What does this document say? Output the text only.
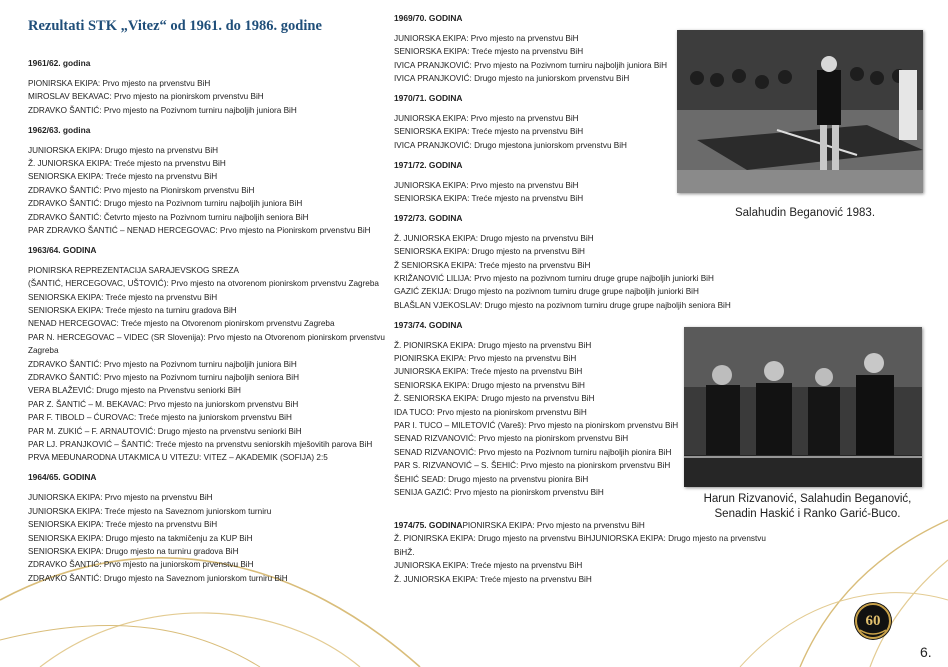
Rezultati STK „Vitez“ od 1961. do 1986. godine
1961/62. godina
PIONIRSKA EKIPA: Prvo mjesto na prvenstvu BiH
MIROSLAV BEKAVAC: Prvo mjesto na pionirskom prvenstvu BiH
ZDRAVKO ŠANTIĆ: Prvo mjesto na Pozivnom turniru najboljih juniora BiH
1962/63. godina
JUNIORSKA EKIPA: Drugo mjesto na prvenstvu BiH
Ž. JUNIORSKA EKIPA: Treće mjesto na prvenstvu BiH
SENIORSKA EKIPA: Treće mjesto na prvenstvu BiH
ZDRAVKO ŠANTIĆ: Prvo mjesto na Pionirskom prvenstvu BiH
ZDRAVKO ŠANTIĆ: Drugo mjesto na Pozivnom turniru najboljih juniora BiH
ZDRAVKO ŠANTIĆ: Četvrto mjesto na Pozivnom turniru najboljih seniora BiH
PAR ZDRAVKO ŠANTIĆ – NENAD HERCEGOVAC: Prvo mjesto na Pionirskom prvenstvu BiH
1963/64. GODINA
PIONIRSKA REPREZENTACIJA SARAJEVSKOG SREZA
(ŠANTIĆ, HERCEGOVAC, UŠTOVIĆ): Prvo mjesto na otvorenom pionirskom prvenstvu Zagreba
SENIORSKA EKIPA: Treće mjesto na prvenstvu BiH
SENIORSKA EKIPA: Treće mjesto na turniru gradova BiH
NENAD HERCEGOVAC: Treće mjesto na Otvorenom pionirskom prvenstvu Zagreba
PAR N. HERCEGOVAC – VIDEC (SR Slovenija): Prvo mjesto na Otvorenom pionirskom prvenstvu Zagreba
ZDRAVKO ŠANTIĆ: Prvo mjesto na Pozivnom turniru najboljih juniora BiH
ZDRAVKO ŠANTIĆ: Prvo mjesto na Pozivnom turniru najboljih seniora BiH
VERA BLAŽEVIĆ: Drugo mjesto na Prvenstvu seniorki BiH
PAR Z. ŠANTIĆ – M. BEKAVAC: Prvo mjesto na juniorskom prvenstvu BiH
PAR F. TIBOLD – ĆUROVAC: Treće mjesto na juniorskom prvenstvu BiH
PAR M. ZUKIĆ – F. ARNAUTOVIĆ: Drugo mjesto na prvenstvu seniorki BiH
PAR LJ. PRANJKOVIĆ – ŠANTIĆ: Treće mjesto na prvenstvu seniorskih mješovitih parova BiH
PRVA MEĐUNARODNA UTAKMICA U VITEZU: VITEZ – AKADEMIK (SOFIJA) 2:5
1964/65. GODINA
JUNIORSKA EKIPA: Prvo mjesto na prvenstvu BiH
JUNIORSKA EKIPA: Treće mjesto na Saveznom juniorskom turniru
SENIORSKA EKIPA: Treće mjesto na prvenstvu BiH
SENIORSKA EKIPA: Drugo mjesto na takmičenju za KUP BiH
SENIORSKA EKIPA: Drugo mjesto na turniru gradova BiH
ZDRAVKO ŠANTIĆ: Prvo mjesto na juniorskom prvenstvu BiH
ZDRAVKO ŠANTIĆ: Drugo mjesto na Saveznom juniorskom turniru BiH
1969/70. GODINA
JUNIORSKA EKIPA: Prvo mjesto na prvenstvu BiH
SENIORSKA EKIPA: Treće mjesto na prvenstvu BiH
IVICA PRANJKOVIĆ: Prvo mjesto na Pozivnom turniru najboljih juniora BiH
IVICA PRANJKOVIĆ: Drugo mjesto na juniorskom prvenstvu BiH
1970/71. GODINA
JUNIORSKA EKIPA: Prvo mjesto na prvenstvu BiH
SENIORSKA EKIPA: Treće mjesto na prvenstvu BiH
IVICA PRANJKOVIĆ: Drugo mjestona juniorskom prvenstvu BiH
1971/72. GODINA
JUNIORSKA EKIPA: Prvo mjesto na prvenstvu BiH
SENIORSKA EKIPA: Treće mjesto na prvenstvu BiH
1972/73. GODINA
Ž. JUNIORSKA EKIPA: Drugo mjesto na prvenstvu BiH
SENIORSKA EKIPA: Drugo mjesto na prvenstvu BiH
Ž SENIORSKA EKIPA: Treće mjesto na prvenstvu BiH
KRIŽANOVIĆ LILIJA: Prvo mjesto na pozivnom turniru druge grupe najboljih juniorki BiH
GAZIĆ ZEKIJA: Drugo mjesto na pozivnom turniru druge grupe najboljih juniorki BiH
BLAŠLAN VJEKOSLAV: Drugo mjesto na pozivnom turniru druge grupe najboljih seniora BiH
1973/74. GODINA
Ž. PIONIRSKA EKIPA: Drugo mjesto na prvenstvu BiH
PIONIRSKA EKIPA: Prvo mjesto na prvenstvu BiH
JUNIORSKA EKIPA: Treće mjesto na prvenstvu BiH
SENIORSKA EKIPA: Drugo mjesto na prvenstvu BiH
Ž. SENIORSKA EKIPA: Drugo mjesto na prvenstvu BiH
IDA TUCO: Prvo mjesto na pionirskom prvenstvu BiH
PAR I. TUCO – MILETOVIĆ (Vareš): Prvo mjesto na pionirskom prvenstvu BiH
SENAD RIZVANOVIĆ: Prvo mjesto na pionirskom prvenstvu BiH
SENAD RIZVANOVIĆ: Prvo mjesto na Pozivnom turniru najboljih pionira BiH
PAR S. RIZVANOVIĆ – S. ŠEHIĆ: Prvo mjesto na pionirskom prvenstvu BiH
ŠEHIĆ SEAD: Drugo mjesto na prvenstvu pionira BiH
SENIJA GAZIĆ: Prvo mjesto na pionirskom prvenstvu BiH
1974/75. GODINAPIONIRSKA EKIPA: Prvo mjesto na prvenstvu BiH
Ž. PIONIRSKA EKIPA: Drugo mjesto na prvenstvu BiHJUNIORSKA EKIPA: Drugo mjesto na prvenstvu BiHŽ.
JUNIORSKA EKIPA: Treće mjesto na prvenstvu BiH
Ž. JUNIORSKA EKIPA: Treće mjesto na prvenstvu BiH
Salahudin Beganović 1983.
Harun Rizvanović, Salahudin Beganović, Senadin Haskić i Ranko Garić-Buco.
60
6.
